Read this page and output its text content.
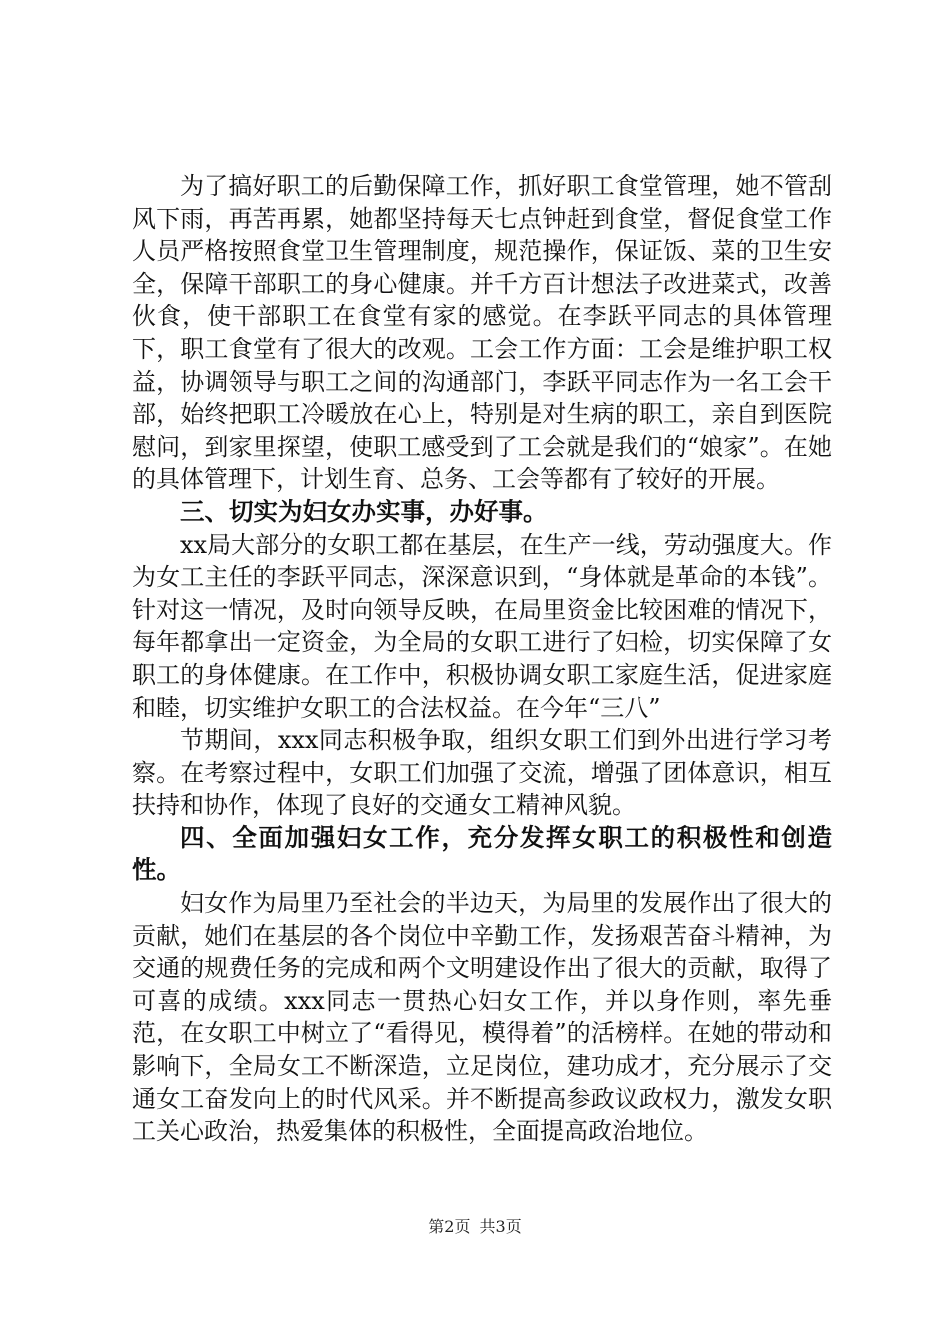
为了搞好职工的后勤保障工作，抓好职工食堂管理，她不管刮风下雨，再苦再累，她都坚持每天七点钟赶到食堂，督促食堂工作人员严格按照食堂卫生管理制度，规范操作，保证饭、菜的卫生安全，保障干部职工的身心健康。并千方百计想法子改进菜式，改善伙食，使干部职工在食堂有家的感觉。在李跃平同志的具体管理下，职工食堂有了很大的改观。工会工作方面：工会是维护职工权益，协调领导与职工之间的沟通部门，李跃平同志作为一名工会干部，始终把职工冷暖放在心上，特别是对生病的职工，亲自到医院慰问，到家里探望，使职工感受到了工会就是我们的“娘家”。在她的具体管理下，计划生育、总务、工会等都有了较好的开展。

三、切实为妇女办实事，办好事。

xx局大部分的女职工都在基层，在生产一线，劳动强度大。作为女工主任的李跃平同志，深深意识到，“身体就是革命的本钱”。针对这一情况，及时向领导反映，在局里资金比较困难的情况下，每年都拿出一定资金，为全局的女职工进行了妇检，切实保障了女职工的身体健康。在工作中，积极协调女职工家庭生活，促进家庭和睦，切实维护女职工的合法权益。在今年“三八”

节期间，xxx同志积极争取，组织女职工们到外出进行学习考察。在考察过程中，女职工们加强了交流，增强了团体意识，相互扶持和协作，体现了良好的交通女工精神风貌。

四、全面加强妇女工作，充分发挥女职工的积极性和创造性。

妇女作为局里乃至社会的半边天，为局里的发展作出了很大的贡献，她们在基层的各个岗位中辛勤工作，发扬艰苦奋斗精神，为交通的规费任务的完成和两个文明建设作出了很大的贡献，取得了可喜的成绩。xxx同志一贯热心妇女工作，并以身作则，率先垂范，在女职工中树立了“看得见，模得着”的活榜样。在她的带动和影响下，全局女工不断深造，立足岗位，建功成才，充分展示了交通女工奋发向上的时代风采。并不断提高参政议政权力，激发女职工关心政治，热爱集体的积极性，全面提高政治地位。

第2页 共3页
